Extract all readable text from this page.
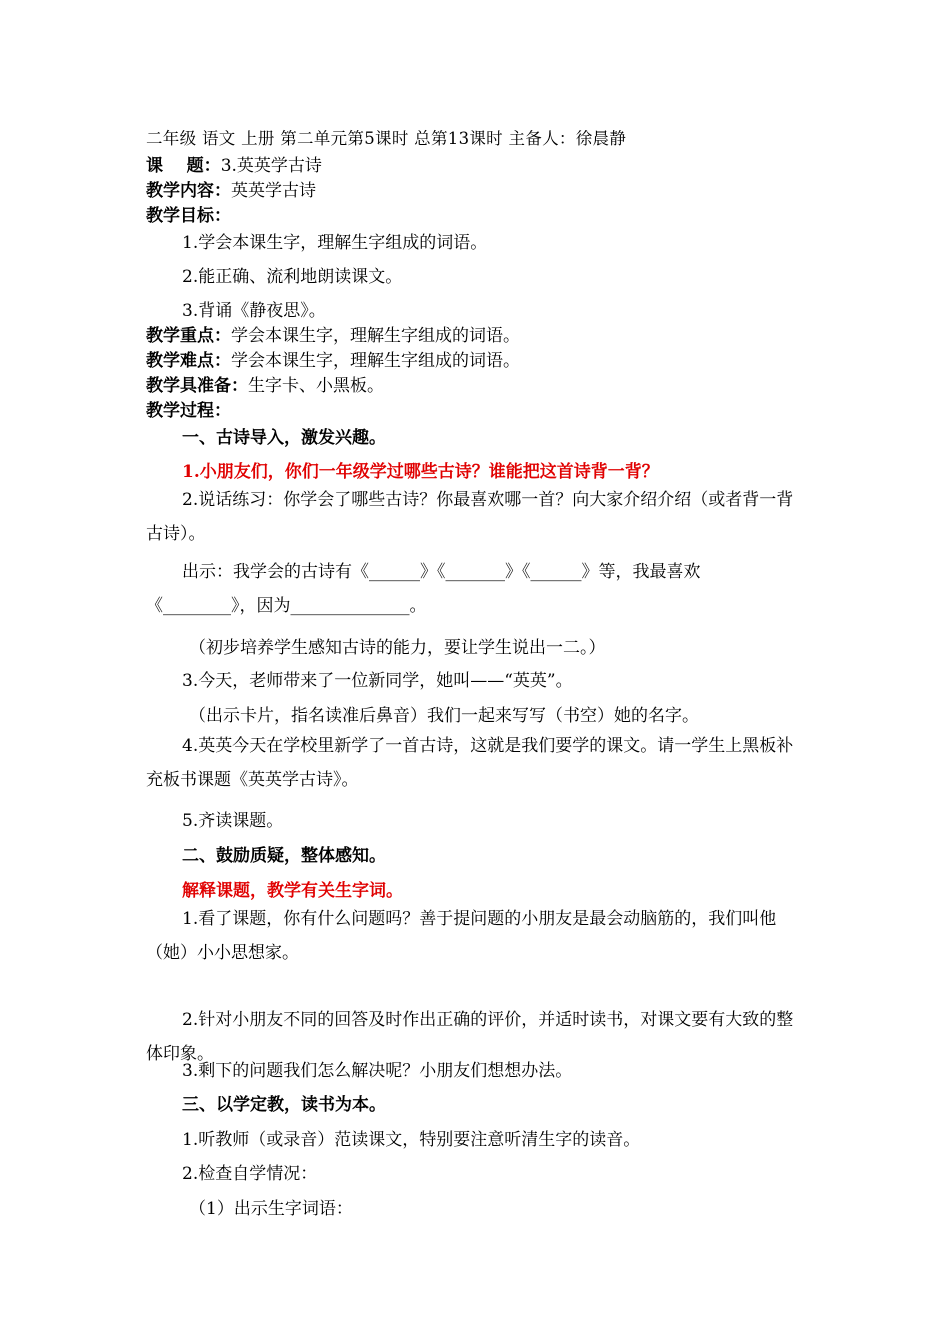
二年级 语文 上册 第二单元第5课时 总第13课时 主备人：徐晨静
课    题：3.英英学古诗
教学内容：英英学古诗
教学目标：
1.学会本课生字，理解生字组成的词语。
2.能正确、流利地朗读课文。
3.背诵《静夜思》。
教学重点：学会本课生字，理解生字组成的词语。
教学难点：学会本课生字，理解生字组成的词语。
教学具准备：生字卡、小黑板。
教学过程：
一、古诗导入，激发兴趣。
1.小朋友们，你们一年级学过哪些古诗？谁能把这首诗背一背？
2.说话练习：你学会了哪些古诗？你最喜欢哪一首？向大家介绍介绍（或者背一背古诗）。
出示：我学会的古诗有《______》《_______》《______》等，我最喜欢《________》，因为______________。
（初步培养学生感知古诗的能力，要让学生说出一二。）
3.今天，老师带来了一位新同学，她叫——“英英”。
（出示卡片，指名读准后鼻音）我们一起来写写（书空）她的名字。
4.英英今天在学校里新学了一首古诗，这就是我们要学的课文。请一学生上黑板补充板书课题《英英学古诗》。
5.齐读课题。
二、鼓励质疑，整体感知。
解释课题，教学有关生字词。
1.看了课题，你有什么问题吗？善于提问题的小朋友是最会动脑筋的，我们叫他（她）小小思想家。
2.针对小朋友不同的回答及时作出正确的评价，并适时读书，对课文要有大致的整体印象。
3.剩下的问题我们怎么解决呢？小朋友们想想办法。
三、以学定教，读书为本。
1.听教师（或录音）范读课文，特别要注意听清生字的读音。
2.检查自学情况：
（1）出示生字词语：
